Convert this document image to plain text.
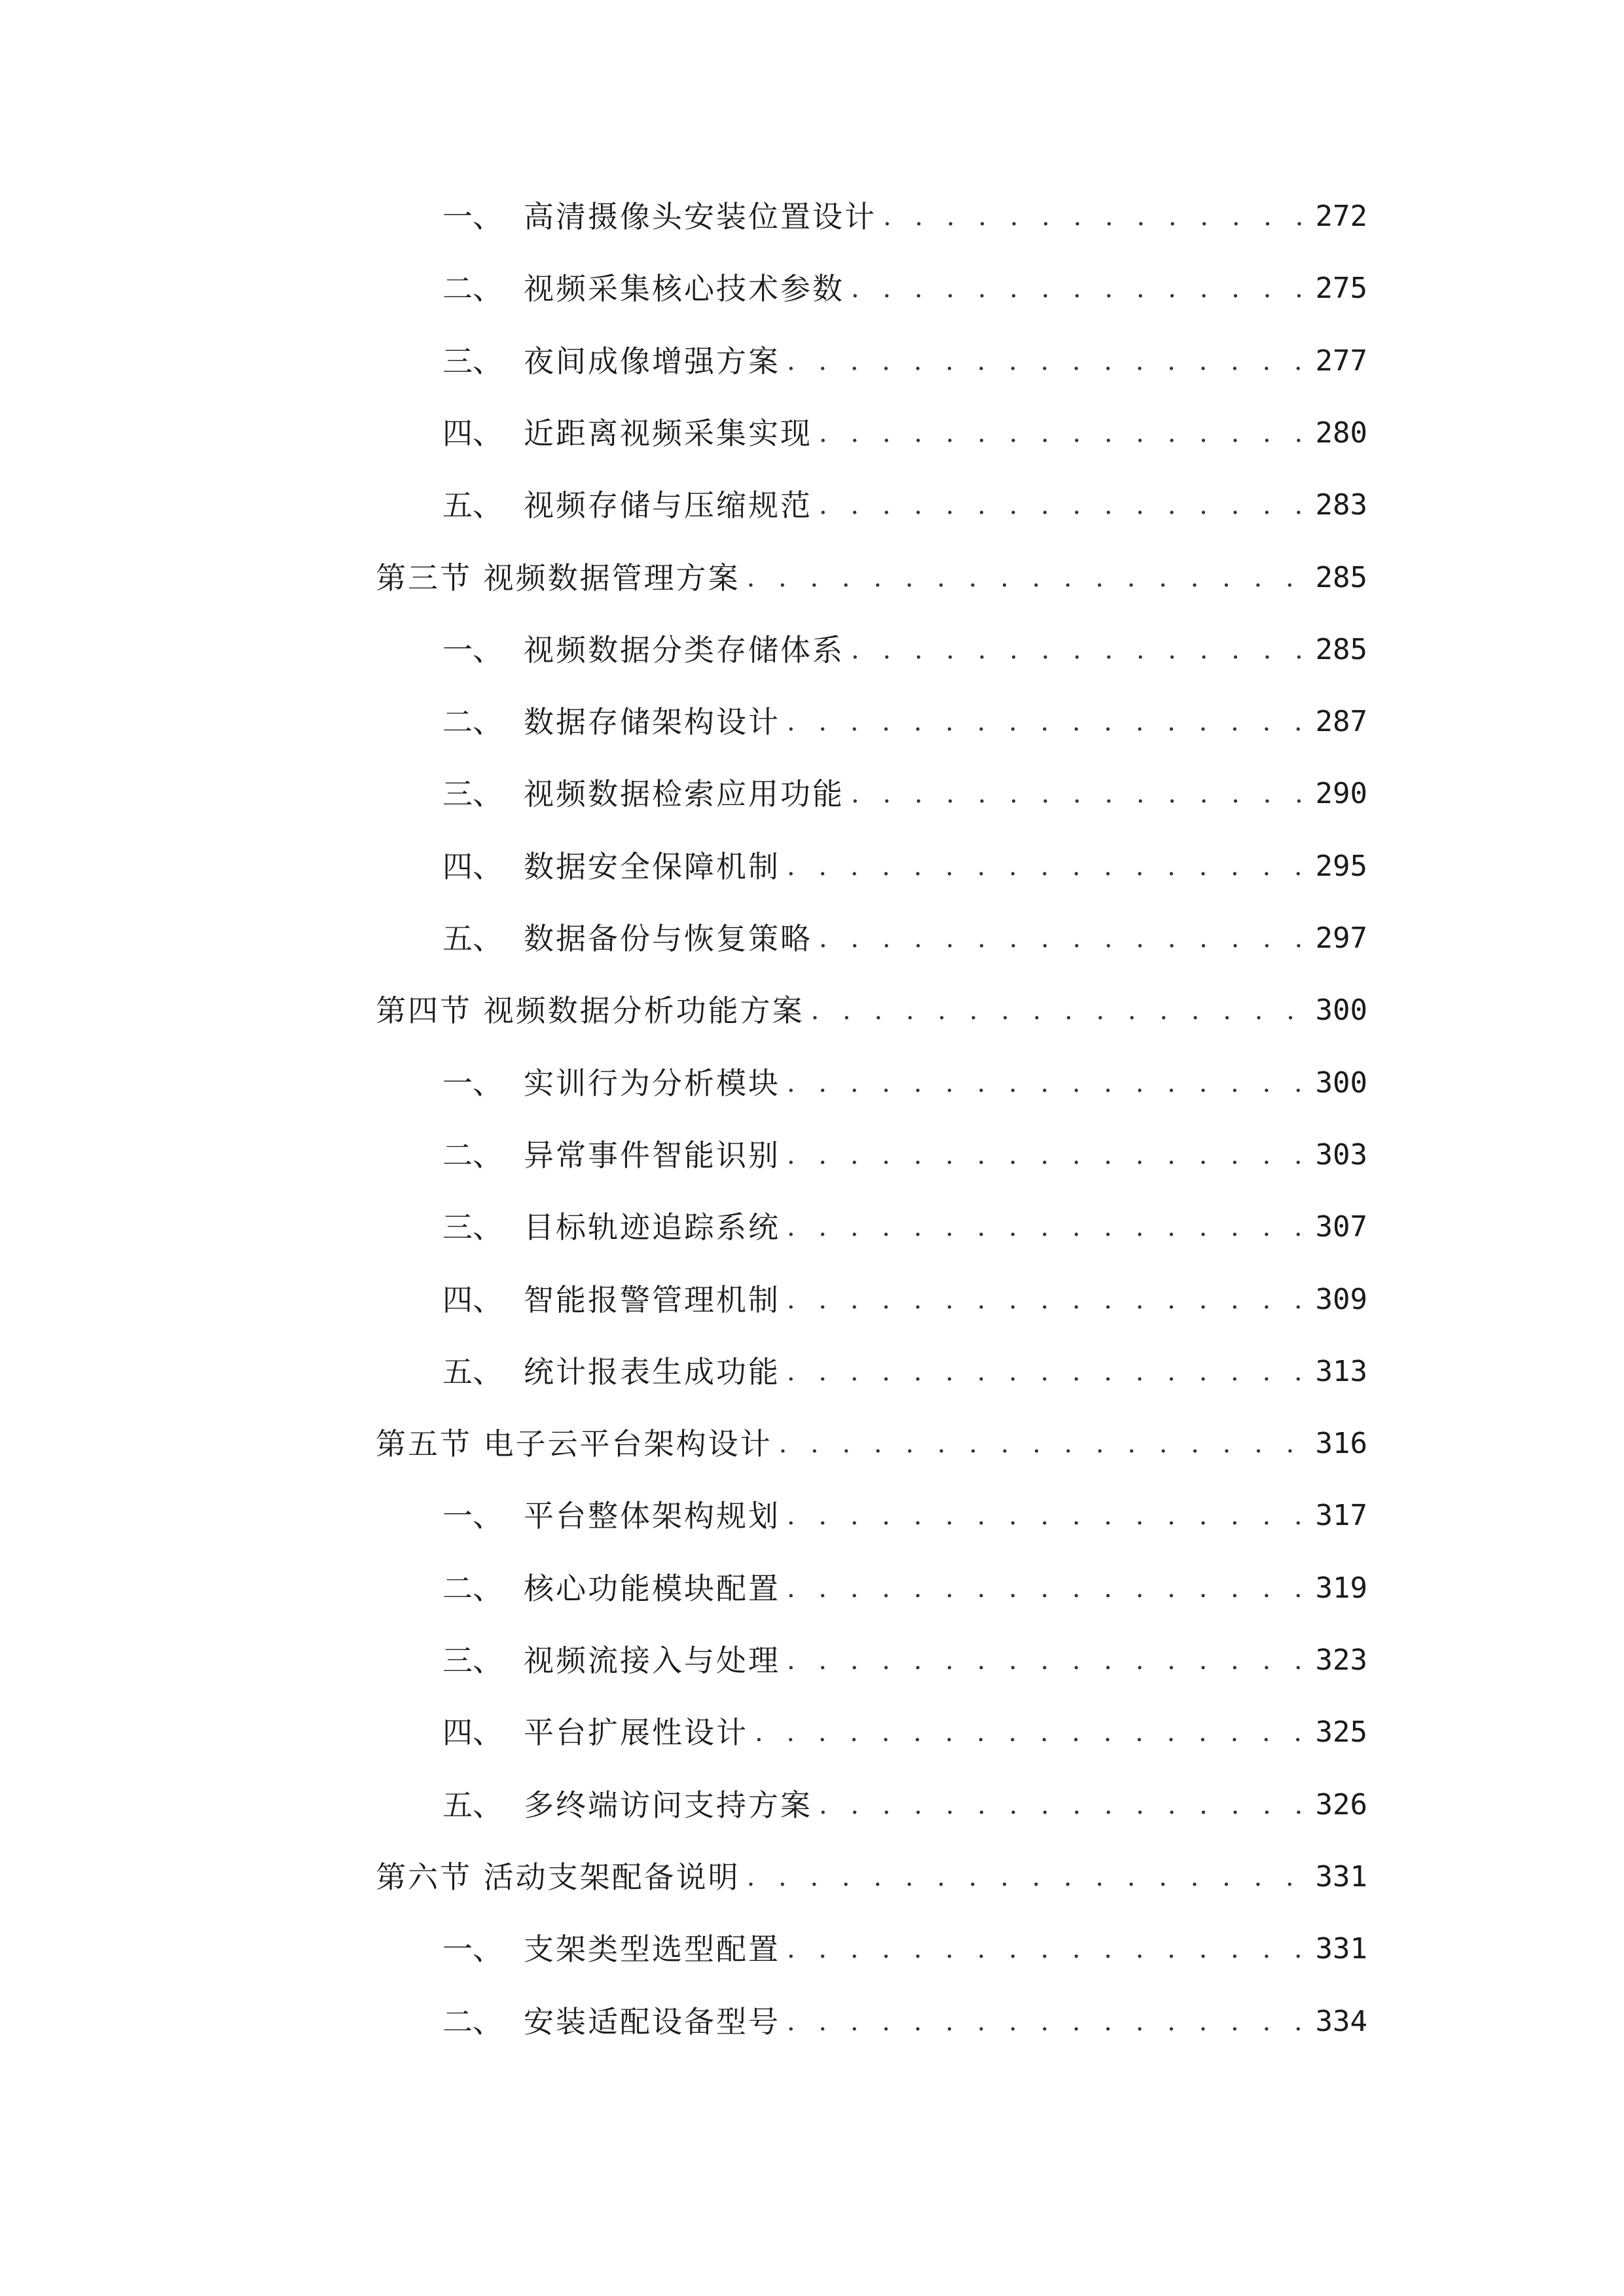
一、 高清摄像头安装位置设计 . . .	272
二、 视频采集核心技术参数 . . .	275
三、 夜间成像增强方案 . . .	277
四、 近距离视频采集实现 . . .	280
五、 视频存储与压缩规范 . . .	283
第三节 视频数据管理方案 . . .	285
一、 视频数据分类存储体系 . . .	285
二、 数据存储架构设计 . . .	287
三、 视频数据检索应用功能 . . .	290
四、 数据安全保障机制 . . .	295
五、 数据备份与恢复策略 . . .	297
第四节 视频数据分析功能方案 . . .	300
一、 实训行为分析模块 . . .	300
二、 异常事件智能识别 . . .	303
三、 目标轨迹追踪系统 . . .	307
四、 智能报警管理机制 . . .	309
五、 统计报表生成功能 . . .	313
第五节 电子云平台架构设计 . . .	316
一、 平台整体架构规划 . . .	317
二、 核心功能模块配置 . . .	319
三、 视频流接入与处理 . . .	323
四、 平台扩展性设计 . . .	325
五、 多终端访问支持方案 . . .	326
第六节 活动支架配备说明 . . .	331
一、 支架类型选型配置 . . .	331
二、 安装适配设备型号 . . .	334
